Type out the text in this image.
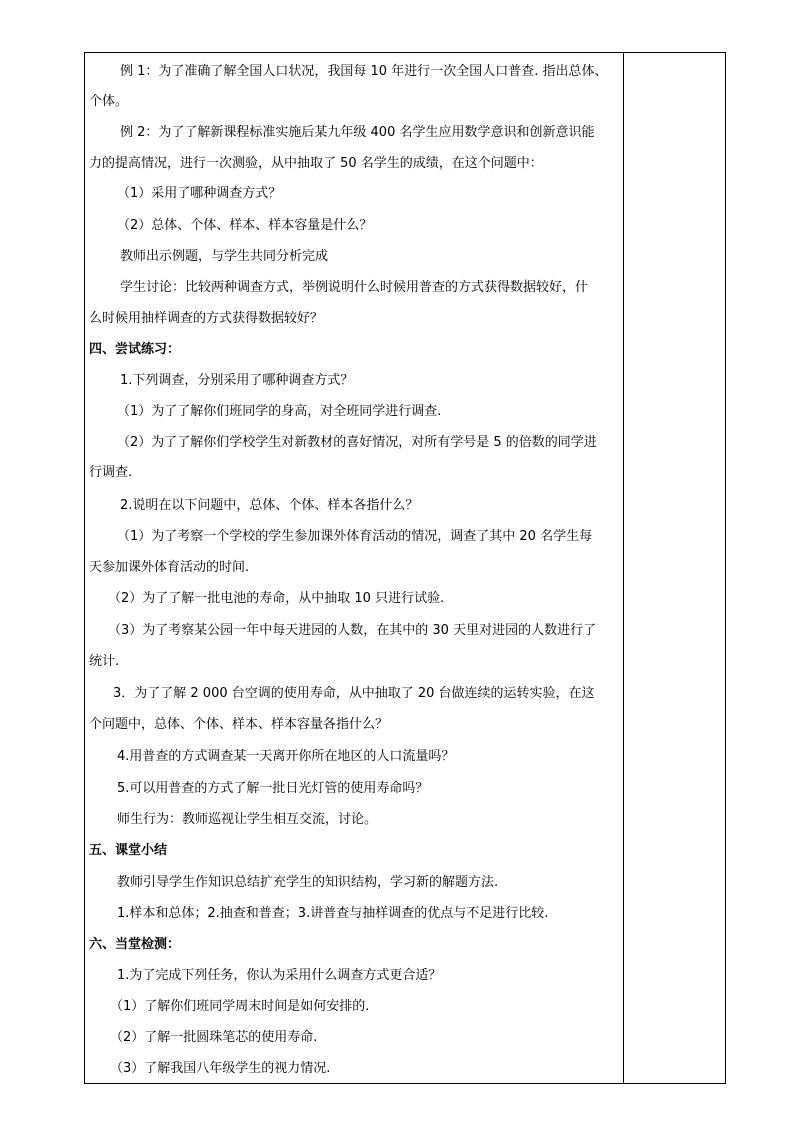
例 1：为了准确了解全国人口状况，我国每 10 年进行一次全国人口普查. 指出总体、
个体。
例 2：为了了解新课程标准实施后某九年级 400 名学生应用数学意识和创新意识能
力的提高情况，进行一次测验，从中抽取了 50 名学生的成绩，在这个问题中：
（1）采用了哪种调查方式？
（2）总体、个体、样本、样本容量是什么？
教师出示例题，与学生共同分析完成
学生讨论：比较两种调查方式，举例说明什么时候用普查的方式获得数据较好，什
么时候用抽样调查的方式获得数据较好？
四、尝试练习：
1.下列调查，分别采用了哪种调查方式？
（1）为了了解你们班同学的身高，对全班同学进行调查.
（2）为了了解你们学校学生对新教材的喜好情况，对所有学号是 5 的倍数的同学进
行调查.
2.说明在以下问题中，总体、个体、样本各指什么？
（1）为了考察一个学校的学生参加课外体育活动的情况，调查了其中 20 名学生每
天参加课外体育活动的时间.
（2）为了了解一批电池的寿命，从中抽取 10 只进行试验.
（3）为了考察某公园一年中每天进园的人数，在其中的 30 天里对进园的人数进行了
统计.
3．为了了解 2 000 台空调的使用寿命，从中抽取了 20 台做连续的运转实验，在这
个问题中，总体、个体、样本、样本容量各指什么？
4.用普查的方式调查某一天离开你所在地区的人口流量吗？
5.可以用普查的方式了解一批日光灯管的使用寿命吗？
师生行为：教师巡视让学生相互交流，讨论。
五、课堂小结
教师引导学生作知识总结扩充学生的知识结构，学习新的解题方法.
1.样本和总体；2.抽查和普查；3.讲普查与抽样调查的优点与不足进行比较.
六、当堂检测：
1.为了完成下列任务，你认为采用什么调查方式更合适？
（1）了解你们班同学周末时间是如何安排的.
（2）了解一批圆珠笔芯的使用寿命.
（3）了解我国八年级学生的视力情况.
